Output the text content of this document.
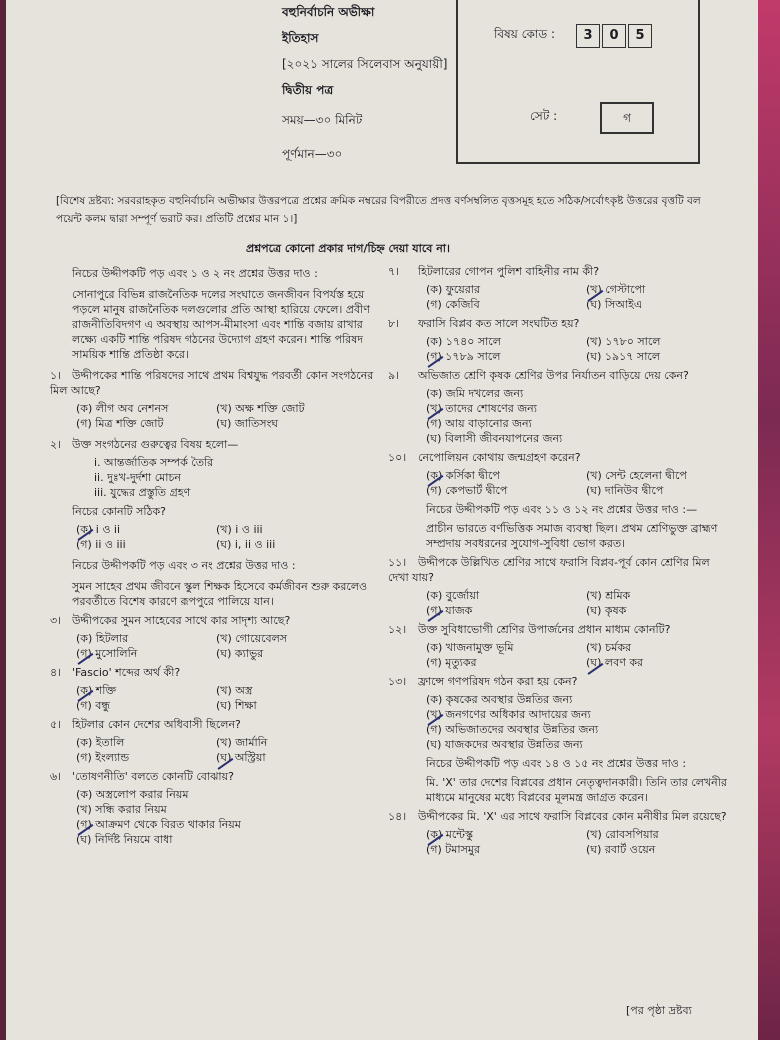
বহুনির্বাচনি অভীক্ষা
ইতিহাস
[২০২১ সালের সিলেবাস অনুযায়ী]
দ্বিতীয় পত্র
সময়—৩০ মিনিট
পূর্ণমান—৩০
বিষয় কোড :	3	0	5
সেট :	গ
[বিশেষ দ্রষ্টব্য: সরবরাহকৃত বহুনির্বাচনি অভীক্ষার উত্তরপত্রে প্রশ্নের ক্রমিক নম্বরের বিপরীতে প্রদত্ত বর্ণসম্বলিত বৃত্তসমূহ হতে সঠিক/সর্বোৎকৃষ্ট উত্তরের বৃত্তটি বল পয়েন্ট কলম দ্বারা সম্পূর্ণ ভরাট কর। প্রতিটি প্রশ্নের মান ১।]
প্রশ্নপত্রে কোনো প্রকার দাগ/চিহ্ন দেয়া যাবে না।
নিচের উদ্দীপকটি পড় এবং ১ ও ২ নং প্রশ্নের উত্তর দাও :
সোনাপুরে বিভিন্ন রাজনৈতিক দলের সংঘাতে জনজীবন বিপর্যস্ত হয়ে পড়লে মানুষ রাজনৈতিক দলগুলোর প্রতি আস্থা হারিয়ে ফেলে। প্রবীণ রাজনীতিবিদগণ এ অবস্থায় আপস-মীমাংসা এবং শান্তি বজায় রাখার লক্ষ্যে একটি শান্তি পরিষদ গঠনের উদ্যোগ গ্রহণ করেন। শান্তি পরিষদ সাময়িক শান্তি প্রতিষ্ঠা করে।
১। উদ্দীপকের শান্তি পরিষদের সাথে প্রথম বিশ্বযুদ্ধ পরবর্তী কোন সংগঠনের মিল আছে?
(ক) লীগ অব নেশনস	(খ) অক্ষ শক্তি জোট
(গ) মিত্র শক্তি জোট	(ঘ) জাতিসংঘ
২। উক্ত সংগঠনের গুরুত্বের বিষয় হলো—
i. আন্তর্জাতিক সম্পর্ক তৈরি
ii. দুঃখ-দুর্দশা মোচন
iii. যুদ্ধের প্রস্তুতি গ্রহণ
নিচের কোনটি সঠিক?
(ক) i ও ii	(খ) i ও iii
(গ) ii ও iii	(ঘ) i, ii ও iii
নিচের উদ্দীপকটি পড় এবং ৩ নং প্রশ্নের উত্তর দাও :
সুমন সাহেব প্রথম জীবনে স্কুল শিক্ষক হিসেবে কর্মজীবন শুরু করলেও পরবর্তীতে বিশেষ কারণে রূপপুরে পালিয়ে যান।
৩। উদ্দীপকের সুমন সাহেবের সাথে কার সাদৃশ্য আছে?
(ক) হিটলার	(খ) গোয়েবেলস
(গ) মুসোলিনি	(ঘ) ক্যাভুর
৪। 'Fascio' শব্দের অর্থ কী?
(ক) শক্তি	(খ) অস্ত্র
(গ) বন্ধু	(ঘ) শিক্ষা
৫। হিটলার কোন দেশের অধিবাসী ছিলেন?
(ক) ইতালি	(খ) জার্মানি
(গ) ইংল্যান্ড	(ঘ) অস্ট্রিয়া
৬। 'তোষণনীতি' বলতে কোনটি বোঝায়?
(ক) অস্ত্রলোপ করার নিয়ম
(খ) সন্ধি করার নিয়ম
(গ) আক্রমণ থেকে বিরত থাকার নিয়ম
(ঘ) নির্দিষ্ট নিয়মে বাধা
৭। হিটলারের গোপন পুলিশ বাহিনীর নাম কী?
(ক) ফুয়েরার	(খ) গেস্টাপো
(গ) কেজিবি	(ঘ) সিআইএ
৮। ফরাসি বিপ্লব কত সালে সংঘটিত হয়?
(ক) ১৭৪০ সালে	(খ) ১৭৮০ সালে
(গ) ১৭৮৯ সালে	(ঘ) ১৯১৭ সালে
৯। অভিজাত শ্রেণি কৃষক শ্রেণির উপর নির্যাতন বাড়িয়ে দেয় কেন?
(ক) জমি দখলের জন্য
(খ) তাদের শোষণের জন্য
(গ) আয় বাড়ানোর জন্য
(ঘ) বিলাসী জীবনযাপনের জন্য
১০। নেপোলিয়ন কোথায় জন্মগ্রহণ করেন?
(ক) কর্সিকা দ্বীপে	(খ) সেন্ট হেলেনা দ্বীপে
(গ) কেপভার্ট দ্বীপে	(ঘ) দানিউব দ্বীপে
নিচের উদ্দীপকটি পড় এবং ১১ ও ১২ নং প্রশ্নের উত্তর দাও :—
প্রাচীন ভারতে বর্ণভিত্তিক সমাজ ব্যবস্থা ছিল। প্রথম শ্রেণিভুক্ত ব্রাহ্মণ সম্প্রদায় সবধরনের সুযোগ-সুবিধা ভোগ করত।
১১। উদ্দীপকে উল্লিখিত শ্রেণির সাথে ফরাসি বিপ্লব-পূর্ব কোন শ্রেণির মিল দেখা যায়?
(ক) বুর্জোয়া	(খ) শ্রমিক
(গ) যাজক	(ঘ) কৃষক
১২। উক্ত সুবিধাভোগী শ্রেণির উপার্জনের প্রধান মাধ্যম কোনটি?
(ক) খাজনামুক্ত ভূমি	(খ) চর্মকর
(গ) মৃত্যুকর	(ঘ) লবণ কর
১৩। ফ্রান্সে গণপরিষদ গঠন করা হয় কেন?
(ক) কৃষকের অবস্থার উন্নতির জন্য
(খ) জনগণের অধিকার আদায়ের জন্য
(গ) অভিজাতদের অবস্থার উন্নতির জন্য
(ঘ) যাজকদের অবস্থার উন্নতির জন্য
নিচের উদ্দীপকটি পড় এবং ১৪ ও ১৫ নং প্রশ্নের উত্তর দাও :
মি. 'X' তার দেশের বিপ্লবের প্রধান নেতৃত্বদানকারী। তিনি তার লেখনীর মাধ্যমে মানুষের মধ্যে বিপ্লবের মূলমন্ত্র জাগ্রত করেন।
১৪। উদ্দীপকের মি. 'X' এর সাথে ফরাসি বিপ্লবের কোন মনীষীর মিল রয়েছে?
(ক) মন্টেস্কু	(খ) রোবসপিয়ার
(গ) টমাসমুর	(ঘ) রবার্ট ওয়েন
[পর পৃষ্ঠা দ্রষ্টব্য
